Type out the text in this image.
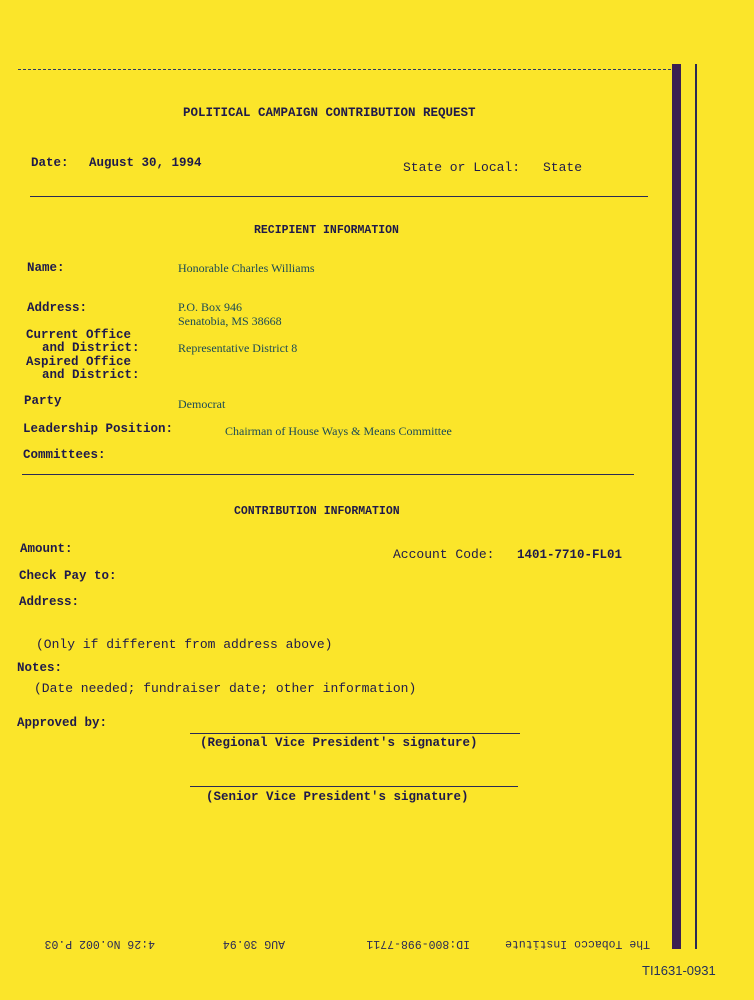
POLITICAL CAMPAIGN CONTRIBUTION REQUEST
Date: August 30, 1994	State or Local: State
RECIPIENT INFORMATION
Name:	Honorable Charles Williams
Address:	P.O. Box 946
Senatobia, MS 38668
Current Office
and District:	Representative District 8
Aspired Office
and District:
Party	Democrat
Leadership Position:	Chairman of House Ways & Means Committee
Committees:
CONTRIBUTION INFORMATION
Amount:	Account Code: 1401-7710-FL01
Check Pay to:
Address:
(Only if different from address above)
Notes:
(Date needed; fundraiser date; other information)
Approved by:
(Regional Vice President's signature)
(Senior Vice President's signature)
The Tobacco Institute
ID:800-998-7711
AUG 30.94
4:26 No.002 P.03
TI1631-0931
